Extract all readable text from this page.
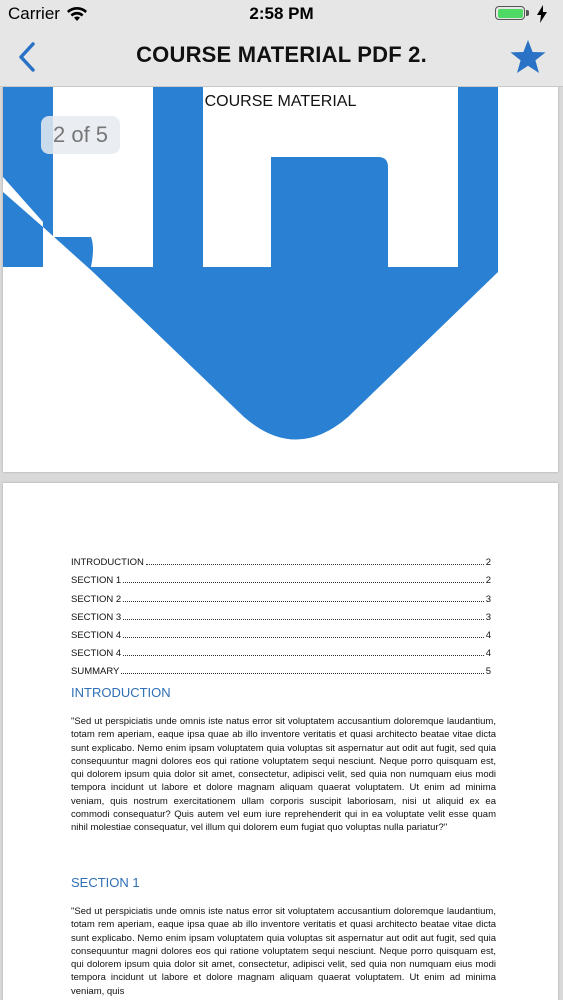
Carrier	2:58 PM
COURSE MATERIAL PDF 2.
COURSE MATERIAL
2 of 5
INTRODUCTION	2
SECTION 1	2
SECTION 2	3
SECTION 3	3
SECTION 4	4
SECTION 4	4
SUMMARY	5
INTRODUCTION
"Sed ut perspiciatis unde omnis iste natus error sit voluptatem accusantium doloremque laudantium, totam rem aperiam, eaque ipsa quae ab illo inventore veritatis et quasi architecto beatae vitae dicta sunt explicabo. Nemo enim ipsam voluptatem quia voluptas sit aspernatur aut odit aut fugit, sed quia consequuntur magni dolores eos qui ratione voluptatem sequi nesciunt. Neque porro quisquam est, qui dolorem ipsum quia dolor sit amet, consectetur, adipisci velit, sed quia non numquam eius modi tempora incidunt ut labore et dolore magnam aliquam quaerat voluptatem. Ut enim ad minima veniam, quis nostrum exercitationem ullam corporis suscipit laboriosam, nisi ut aliquid ex ea commodi consequatur? Quis autem vel eum iure reprehenderit qui in ea voluptate velit esse quam nihil molestiae consequatur, vel illum qui dolorem eum fugiat quo voluptas nulla pariatur?"
SECTION 1
"Sed ut perspiciatis unde omnis iste natus error sit voluptatem accusantium doloremque laudantium, totam rem aperiam, eaque ipsa quae ab illo inventore veritatis et quasi architecto beatae vitae dicta sunt explicabo. Nemo enim ipsam voluptatem quia voluptas sit aspernatur aut odit aut fugit, sed quia consequuntur magni dolores eos qui ratione voluptatem sequi nesciunt. Neque porro quisquam est, qui dolorem ipsum quia dolor sit amet, consectetur, adipisci velit, sed quia non numquam eius modi tempora incidunt ut labore et dolore magnam aliquam quaerat voluptatem. Ut enim ad minima veniam, quis
